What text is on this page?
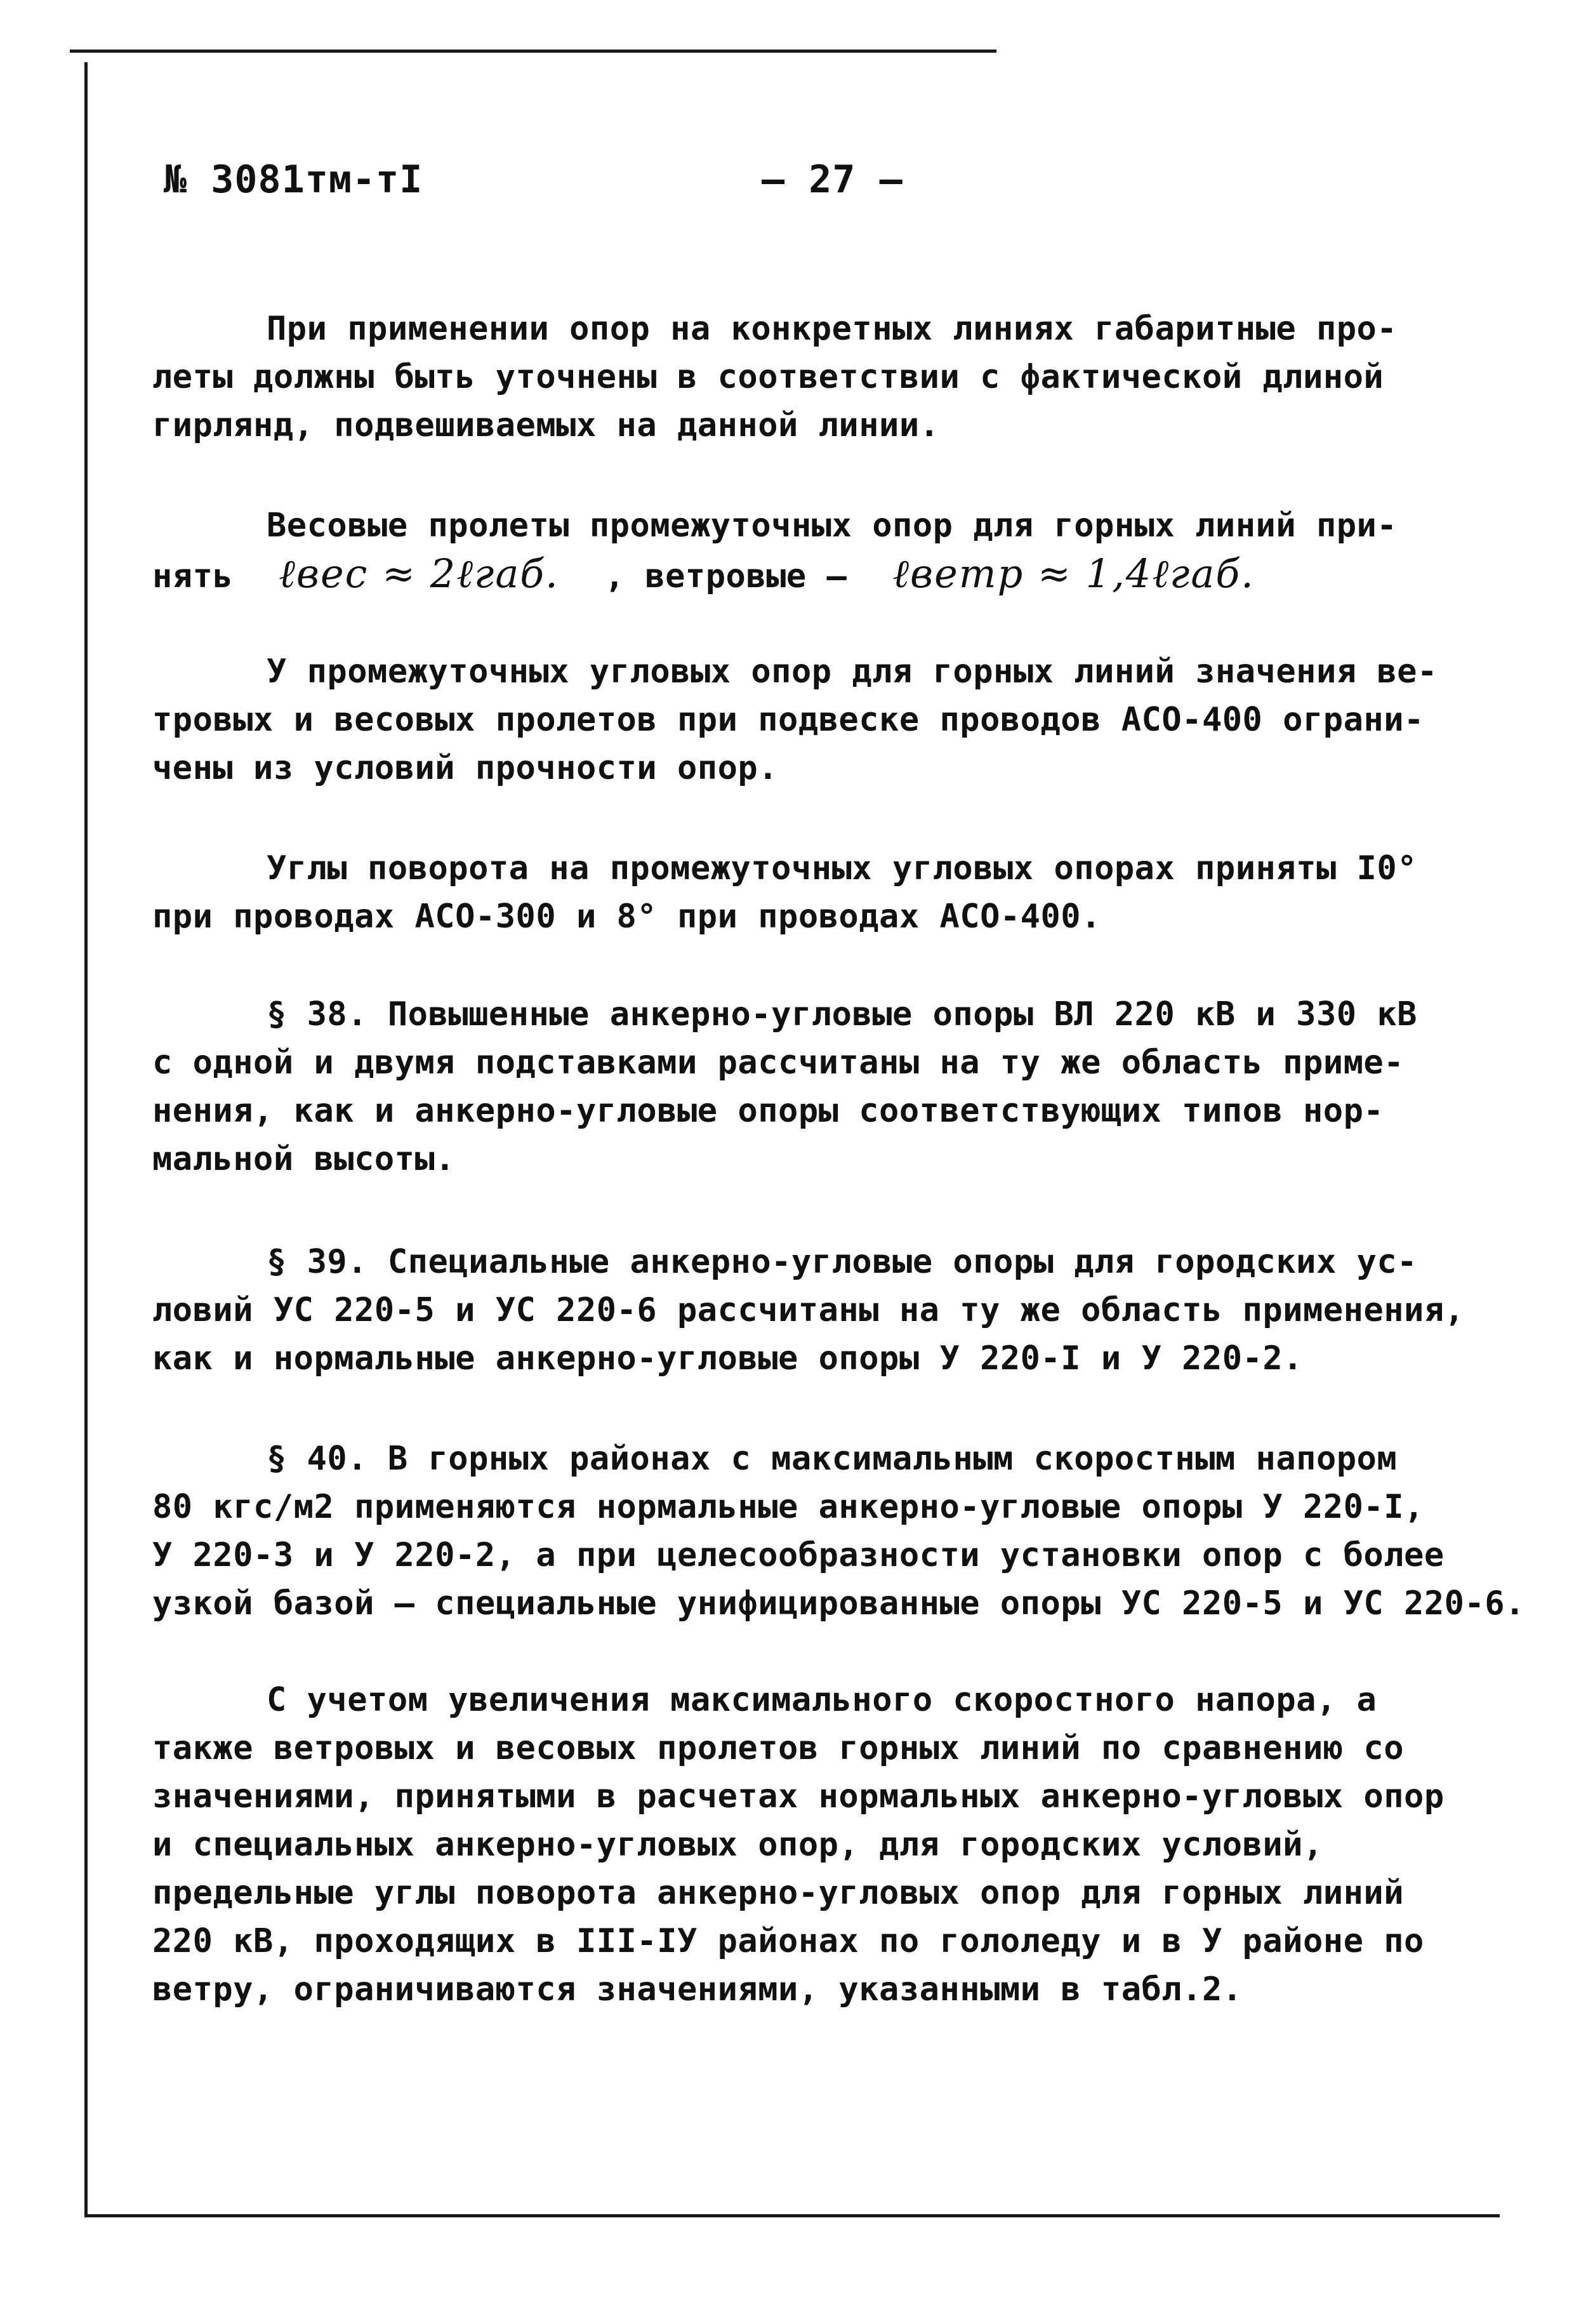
№ 3081тм-тI	– 27 –
При применении опор на конкретных линиях габаритные про-
леты должны быть уточнены в соответствии с фактической длиной
гирлянд, подвешиваемых на данной линии.
Весовые пролеты промежуточных опор для горных линий при-
нять ℓвес ≈ 2ℓгаб. , ветровые – ℓветр ≈ 1,4ℓгаб.
У промежуточных угловых опор для горных линий значения ве-
тровых и весовых пролетов при подвеске проводов АСО-400 ограни-
чены из условий прочности опор.
Углы поворота на промежуточных угловых опорах приняты I0°
при проводах АСО-300 и 8° при проводах АСО-400.
§ 38. Повышенные анкерно-угловые опоры ВЛ 220 кВ и 330 кВ
с одной и двумя подставками рассчитаны на ту же область приме-
нения, как и анкерно-угловые опоры соответствующих типов нор-
мальной высоты.
§ 39. Специальные анкерно-угловые опоры для городских ус-
ловий УС 220-5 и УС 220-6 рассчитаны на ту же область применения,
как и нормальные анкерно-угловые опоры У 220-I и У 220-2.
§ 40. В горных районах с максимальным скоростным напором
80 кгс/м2 применяются нормальные анкерно-угловые опоры У 220-I,
У 220-3 и У 220-2, а при целесообразности установки опор с более
узкой базой – специальные унифицированные опоры УС 220-5 и УС 220-6.
С учетом увеличения максимального скоростного напора, а
также ветровых и весовых пролетов горных линий по сравнению со
значениями, принятыми в расчетах нормальных анкерно-угловых опор
и специальных анкерно-угловых опор, для городских условий,
предельные углы поворота анкерно-угловых опор для горных линий
220 кВ, проходящих в III-IУ районах по гололеду и в У районе по
ветру, ограничиваются значениями, указанными в табл.2.
